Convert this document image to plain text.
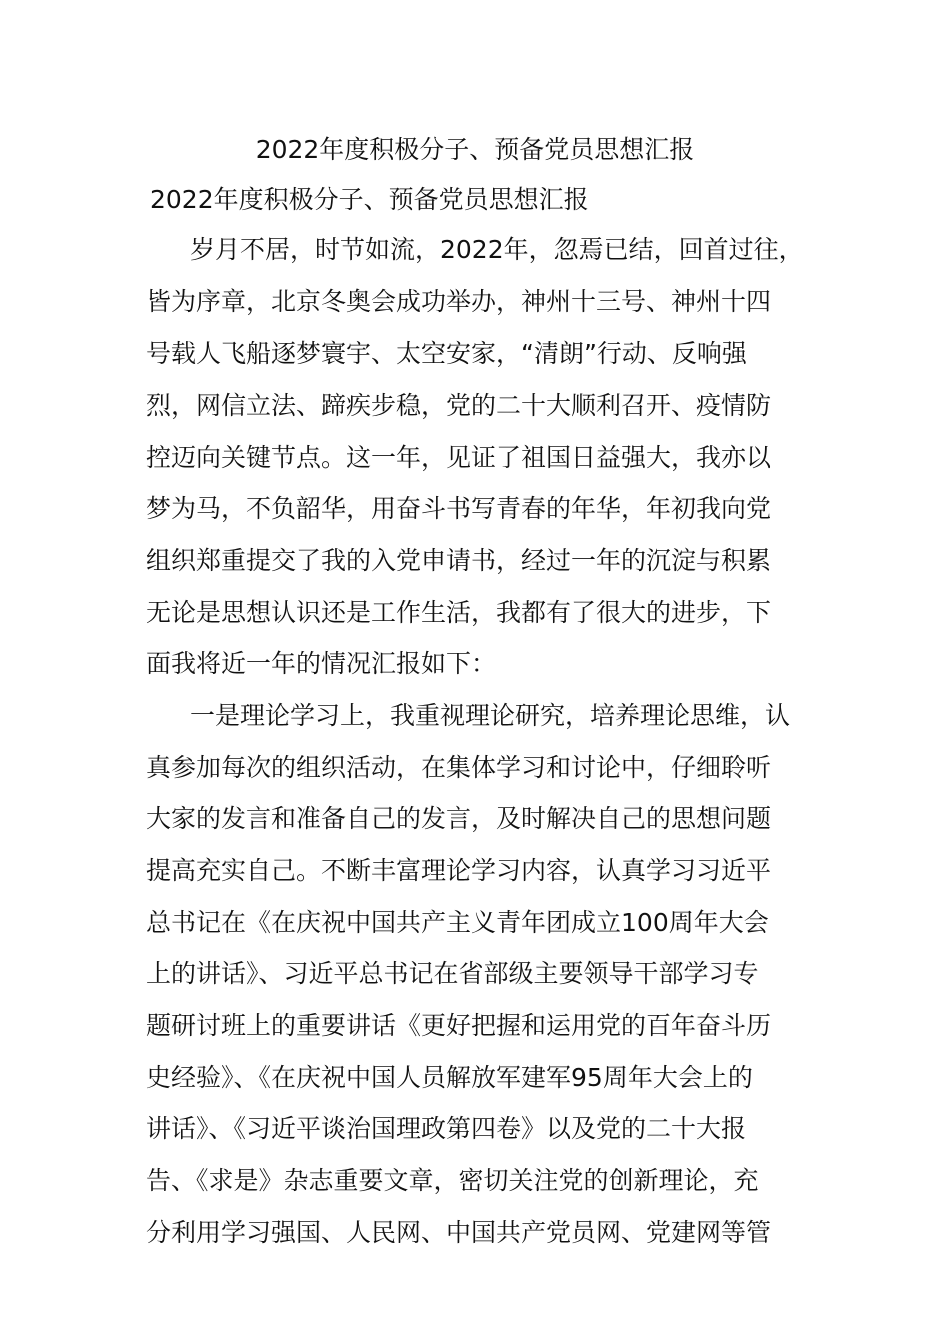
2022年度积极分子、预备党员思想汇报
2022年度积极分子、预备党员思想汇报
岁月不居，时节如流，2022年，忽焉已结，回首过往，
皆为序章，北京冬奥会成功举办，神州十三号、神州十四
号载人飞船逐梦寰宇、太空安家，“清朗”行动、反响强
烈，网信立法、蹄疾步稳，党的二十大顺利召开、疫情防
控迈向关键节点。这一年，见证了祖国日益强大，我亦以
梦为马，不负韶华，用奋斗书写青春的年华，年初我向党
组织郑重提交了我的入党申请书，经过一年的沉淀与积累
无论是思想认识还是工作生活，我都有了很大的进步，下
面我将近一年的情况汇报如下：
一是理论学习上，我重视理论研究，培养理论思维，认
真参加每次的组织活动，在集体学习和讨论中，仔细聆听
大家的发言和准备自己的发言，及时解决自己的思想问题
提高充实自己。不断丰富理论学习内容，认真学习习近平
总书记在《在庆祝中国共产主义青年团成立100周年大会
上的讲话》、习近平总书记在省部级主要领导干部学习专
题研讨班上的重要讲话《更好把握和运用党的百年奋斗历
史经验》、《在庆祝中国人员解放军建军95周年大会上的
讲话》、《习近平谈治国理政第四卷》以及党的二十大报
告、《求是》杂志重要文章，密切关注党的创新理论，充
分利用学习强国、人民网、中国共产党员网、党建网等管
